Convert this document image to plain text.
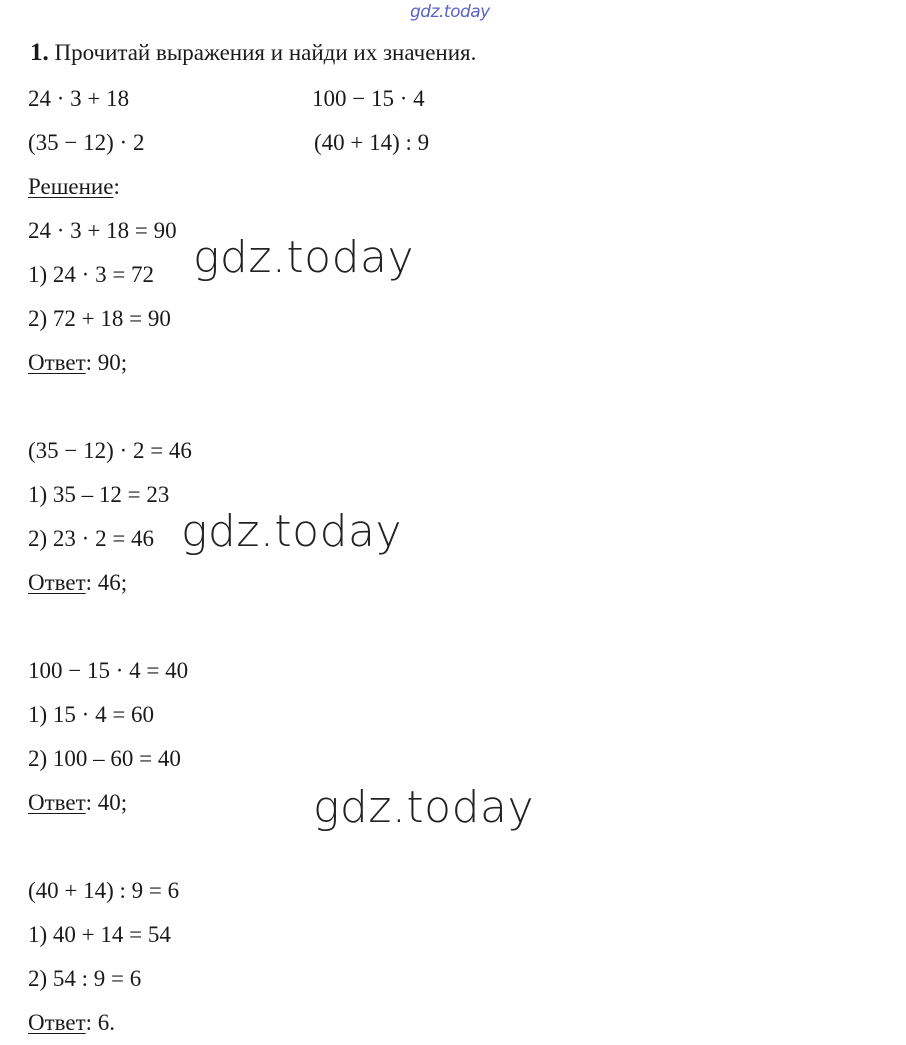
gdz.today
1. Прочитай выражения и найди их значения.
24 · 3 + 18	100 − 15 · 4
(35 − 12) · 2	(40 + 14) : 9
Решение:
24 · 3 + 18 = 90
1) 24 · 3 = 72
2) 72 + 18 = 90
Ответ: 90;
(35 − 12) · 2 = 46
1) 35 – 12 = 23
2) 23 · 2 = 46
Ответ: 46;
100 − 15 · 4 = 40
1) 15 · 4 = 60
2) 100 – 60 = 40
Ответ: 40;
(40 + 14) : 9 = 6
1) 40 + 14 = 54
2) 54 : 9 = 6
Ответ: 6.
gdz.today
gdz.today
gdz.today
